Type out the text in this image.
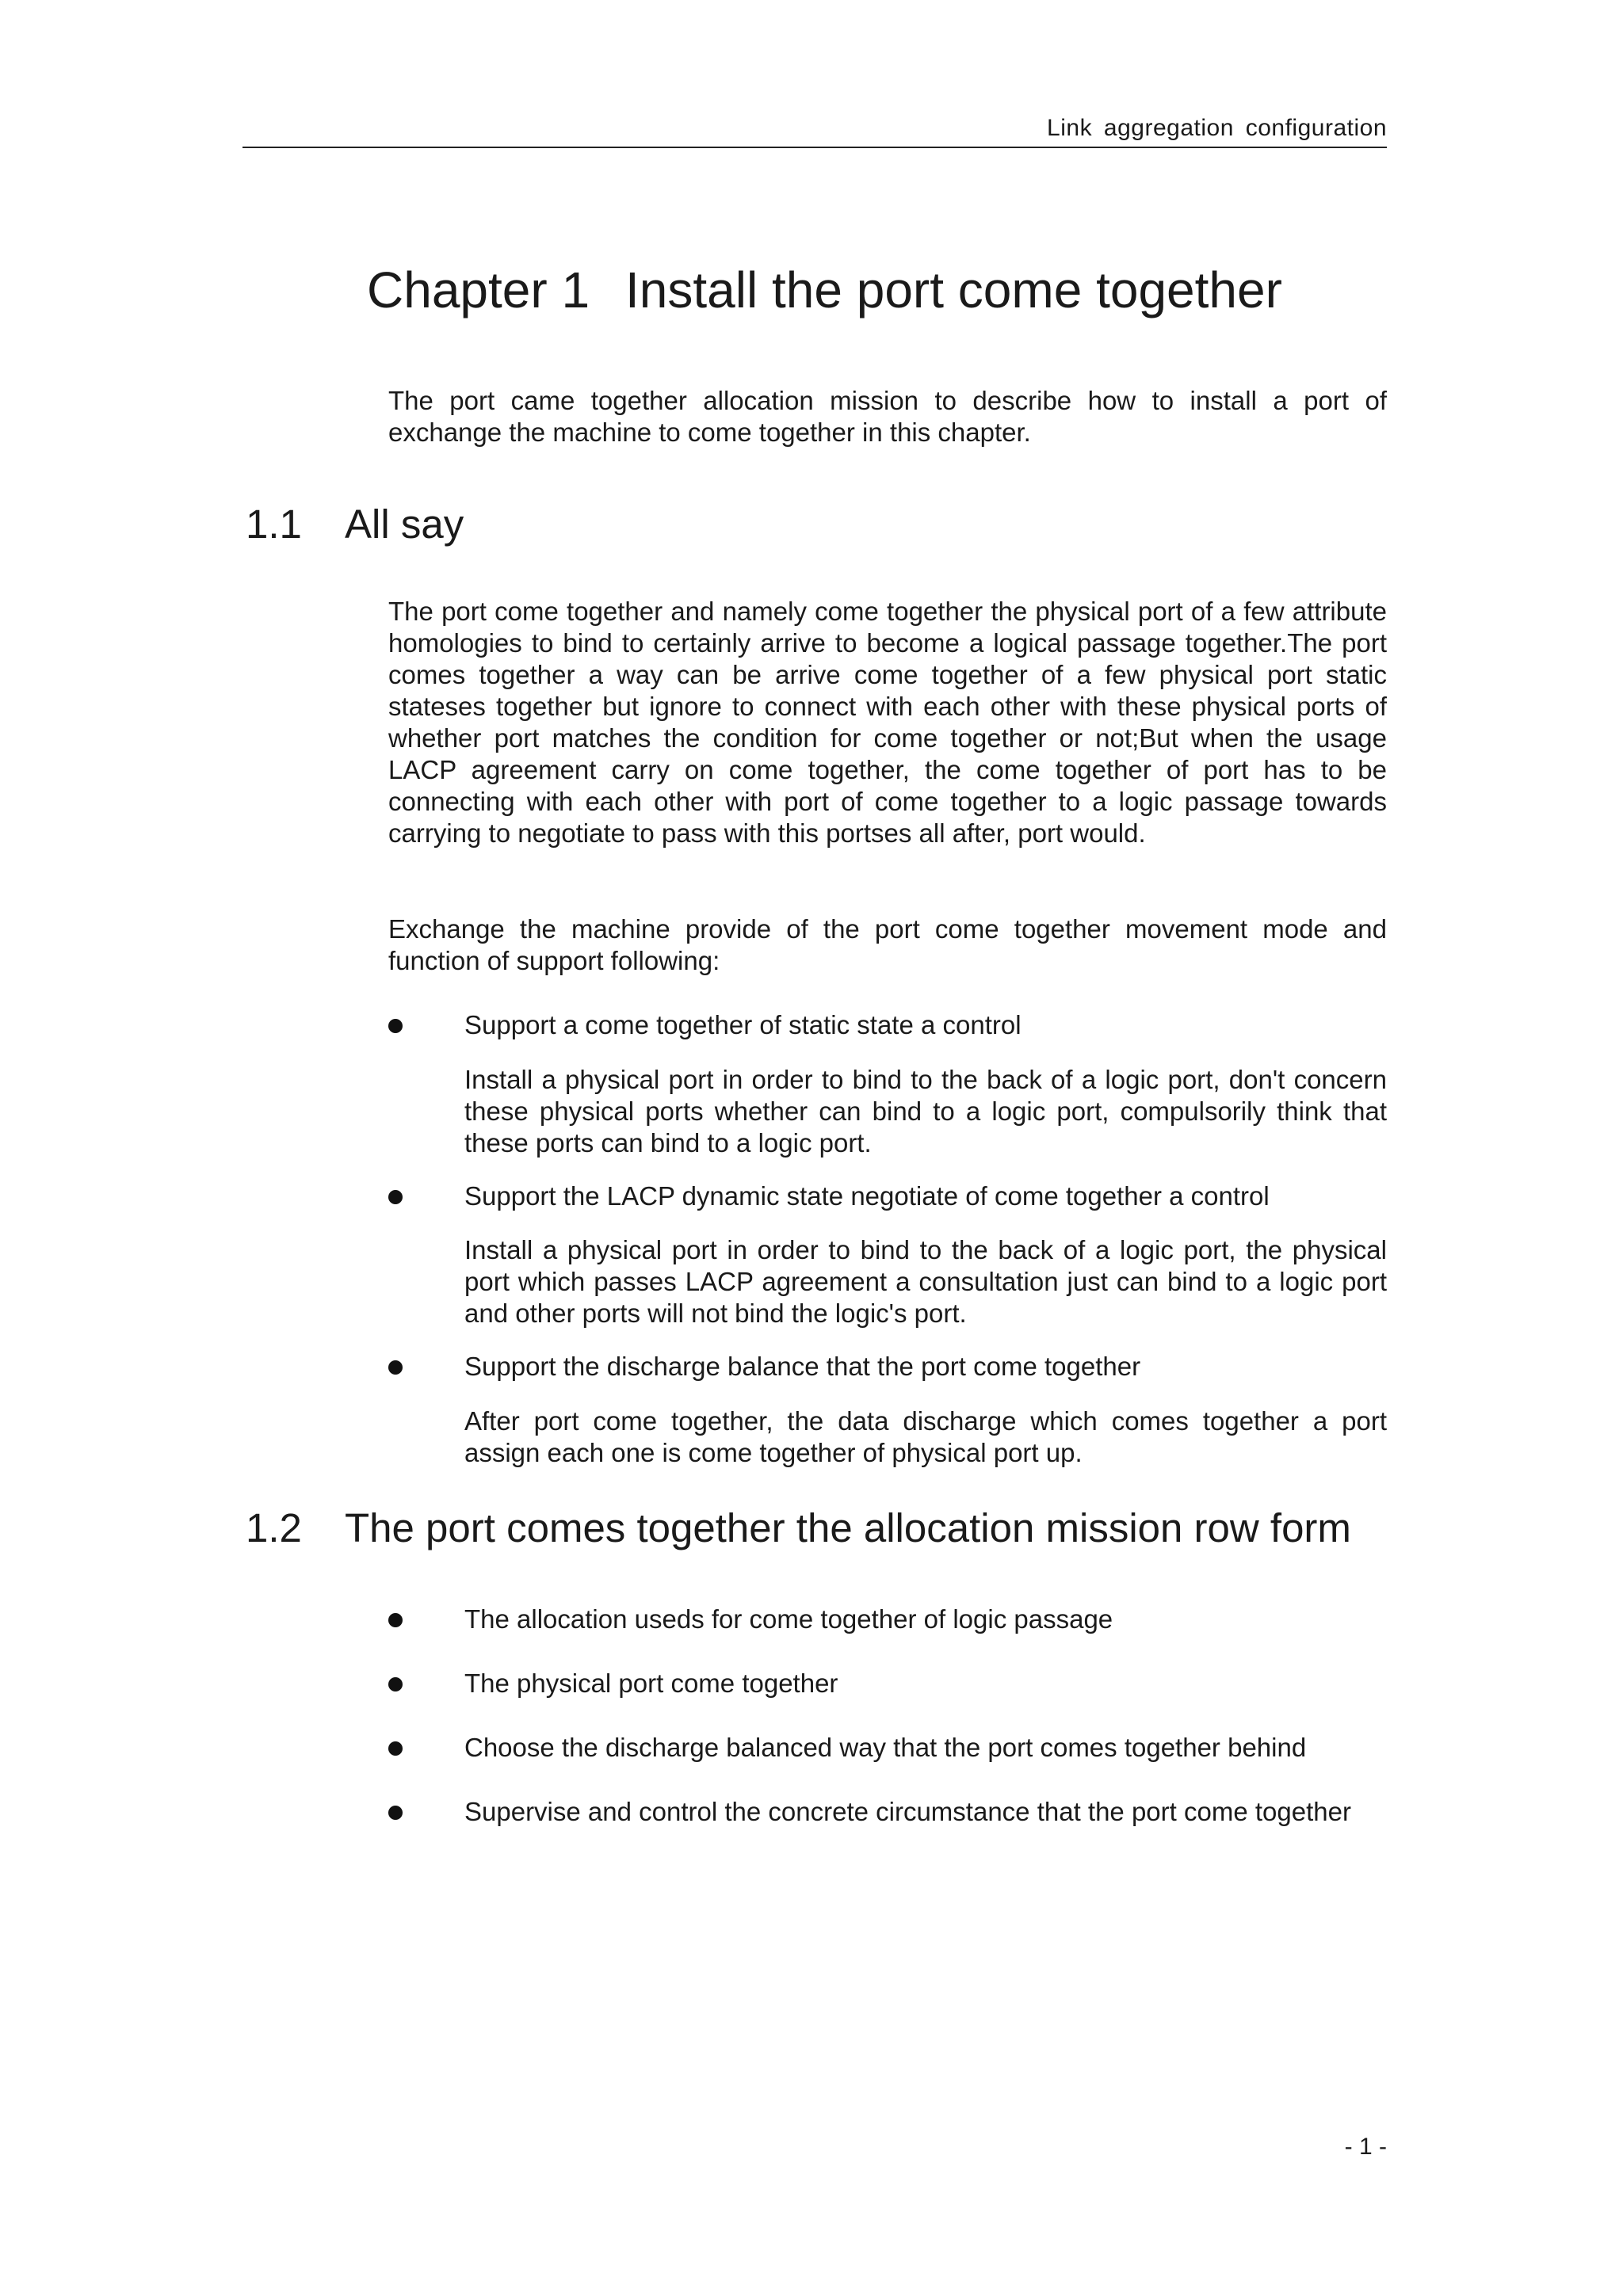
Link aggregation configuration
Chapter 1 Install the port come together

The port came together allocation mission to describe how to install a port of exchange the machine to come together in this chapter.

1.1 All say

The port come together and namely come together the physical port of a few attribute homologies to bind to certainly arrive to become a logical passage together.The port comes together a way can be arrive come together of a few physical port static stateses together but ignore to connect with each other with these physical ports of whether port matches the condition for come together or not;But when the usage LACP agreement carry on come together, the come together of port has to be connecting with each other with port of come together to a logic passage towards carrying to negotiate to pass with this portses all after, port would.

Exchange the machine provide of the port come together movement mode and function of support following:

Support a come together of static state a control

Install a physical port in order to bind to the back of a logic port, don't concern these physical ports whether can bind to a logic port, compulsorily think that these ports can bind to a logic port.

Support the LACP dynamic state negotiate of come together a control

Install a physical port in order to bind to the back of a logic port, the physical port which passes LACP agreement a consultation just can bind to a logic port and other ports will not bind the logic's port.

Support the discharge balance that the port come together

After port come together, the data discharge which comes together a port assign each one is come together of physical port up.

1.2 The port comes together the allocation mission row form

The allocation useds for come together of logic passage

The physical port come together

Choose the discharge balanced way that the port comes together behind

Supervise and control the concrete circumstance that the port come together

- 1 -
